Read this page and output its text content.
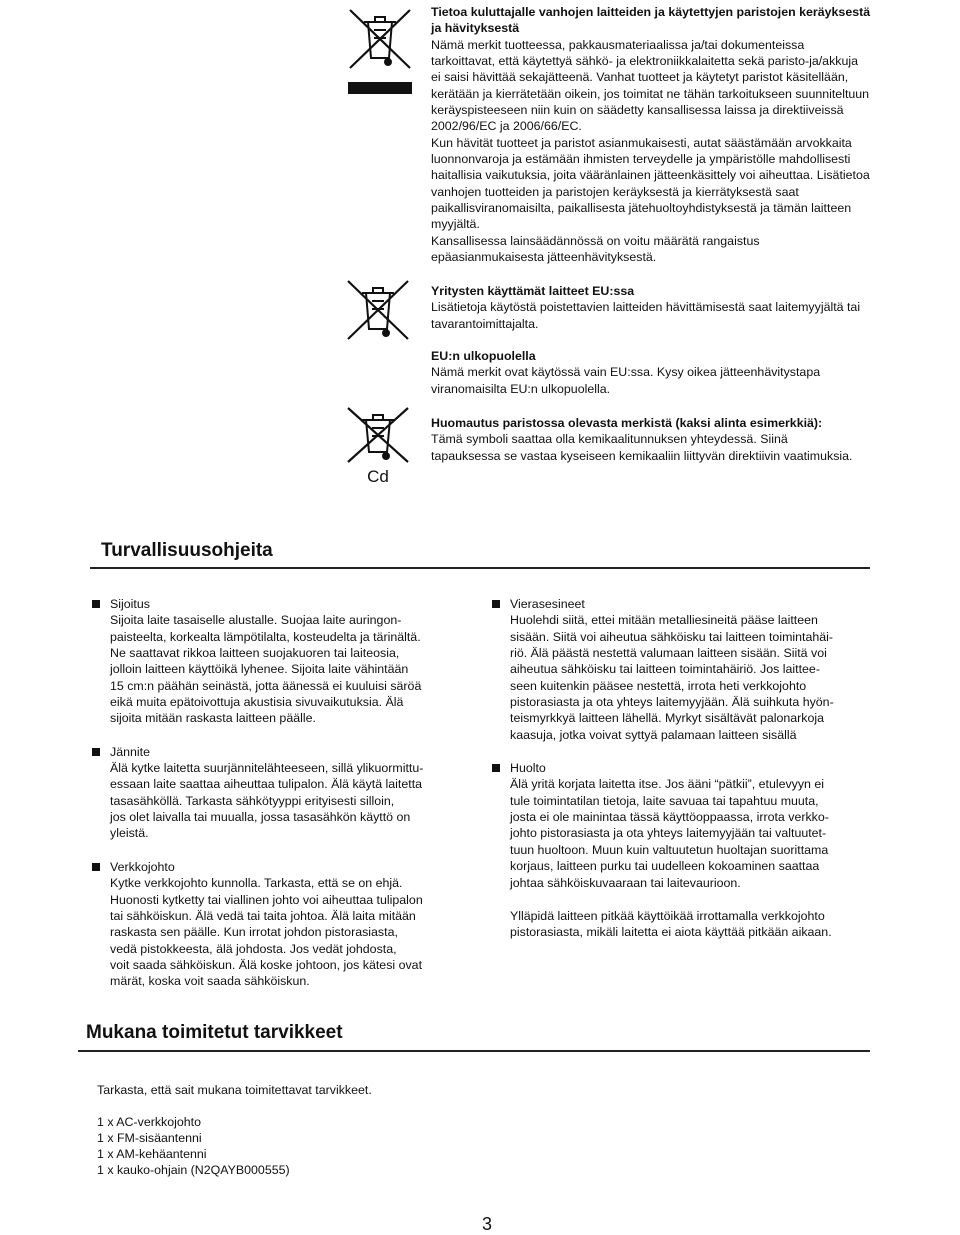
Cd

Tietoa kuluttajalle vanhojen laitteiden ja käytettyjen paristojen keräyksestä ja hävityksestä

Nämä merkit tuotteessa, pakkausmateriaalissa ja/tai dokumenteissa tarkoittavat, että käytettyä sähkö- ja elektroniikkalaitetta sekä paristo-ja/akkuja ei saisi hävittää sekajätteenä. Vanhat tuotteet ja käytetyt paristot käsitellään, kerätään ja kierrätetään oikein, jos toimitat ne tähän tarkoitukseen suunniteltuun keräyspisteeseen niin kuin on säädetty kansallisessa laissa ja direktiiveissä 2002/96/EC ja 2006/66/EC.

Kun hävität tuotteet ja paristot asianmukaisesti, autat säästämään arvokkaita luonnonvaroja ja estämään ihmisten terveydelle ja ympäristölle mahdollisesti haitallisia vaikutuksia, joita vääränlainen jätteenkäsittely voi aiheuttaa. Lisätietoa vanhojen tuotteiden ja paristojen keräyksestä ja kierrätyksestä saat paikallisviranomaisilta, paikallisesta jätehuoltoyhdistyksestä ja tämän laitteen myyjältä.

Kansallisessa lainsäädännössä on voitu määrätä rangaistus epäasianmukaisesta jätteenhävityksestä.

Yritysten käyttämät laitteet EU:ssa

Lisätietoja käytöstä poistettavien laitteiden hävittämisestä saat laitemyyjältä tai tavarantoimittajalta.

EU:n ulkopuolella

Nämä merkit ovat käytössä vain EU:ssa. Kysy oikea jätteenhävitystapa viranomaisilta EU:n ulkopuolella.

Huomautus paristossa olevasta merkistä (kaksi alinta esimerkkiä):

Tämä symboli saattaa olla kemikaalitunnuksen yhteydessä. Siinä tapauksessa se vastaa kyseiseen kemikaaliin liittyvän direktiivin vaatimuksia.

Turvallisuusohjeita
Sijoitus
Sijoita laite tasaiselle alustalle. Suojaa laite auringon-
paisteelta, korkealta lämpötilalta, kosteudelta ja tärinältä.
Ne saattavat rikkoa laitteen suojakuoren tai laiteosia,
jolloin laitteen käyttöikä lyhenee. Sijoita laite vähintään
15 cm:n päähän seinästä, jotta äänessä ei kuuluisi säröä
eikä muita epätoivottuja akustisia sivuvaikutuksia. Älä
sijoita mitään raskasta laitteen päälle.
Jännite
Älä kytke laitetta suurjännitelähteeseen, sillä ylikuormittu-
essaan laite saattaa aiheuttaa tulipalon. Älä käytä laitetta
tasasähköllä. Tarkasta sähkötyyppi erityisesti silloin,
jos olet laivalla tai muualla, jossa tasasähkön käyttö on
yleistä.
Verkkojohto
Kytke verkkojohto kunnolla. Tarkasta, että se on ehjä.
Huonosti kytketty tai viallinen johto voi aiheuttaa tulipalon
tai sähköiskun. Älä vedä tai taita johtoa. Älä laita mitään
raskasta sen päälle. Kun irrotat johdon pistorasiasta,
vedä pistokkeesta, älä johdosta. Jos vedät johdosta,
voit saada sähköiskun. Älä koske johtoon, jos kätesi ovat
märät, koska voit saada sähköiskun.
Vierasesineet
Huolehdi siitä, ettei mitään metalliesineitä pääse laitteen
sisään. Siitä voi aiheutua sähköisku tai laitteen toimintahäi-
riö. Älä päästä nestettä valumaan laitteen sisään. Siitä voi
aiheutua sähköisku tai laitteen toimintahäiriö. Jos laittee-
seen kuitenkin pääsee nestettä, irrota heti verkkojohto
pistorasiasta ja ota yhteys laitemyyjään. Älä suihkuta hyön-
teismyrkkyä laitteen lähellä. Myrkyt sisältävät palonarkoja
kaasuja, jotka voivat syttyä palamaan laitteen sisällä
Huolto
Älä yritä korjata laitetta itse. Jos ääni “pätkii”, etulevyyn ei
tule toimintatilan tietoja, laite savuaa tai tapahtuu muuta,
josta ei ole mainintaa tässä käyttöoppaassa, irrota verkko-
johto pistorasiasta ja ota yhteys laitemyyjään tai valtuutet-
tuun huoltoon. Muun kuin valtuutetun huoltajan suorittama
korjaus, laitteen purku tai uudelleen kokoaminen saattaa
johtaa sähköiskuvaaraan tai laitevaurioon.
Ylläpidä laitteen pitkää käyttöikää irrottamalla verkkojohto
pistorasiasta, mikäli laitetta ei aiota käyttää pitkään aikaan.
Mukana toimitetut tarvikkeet
Tarkasta, että sait mukana toimitettavat tarvikkeet.
1 x AC-verkkojohto
1 x FM-sisäantenni
1 x AM-kehäantenni
1 x kauko-ohjain (N2QAYB000555)
3
